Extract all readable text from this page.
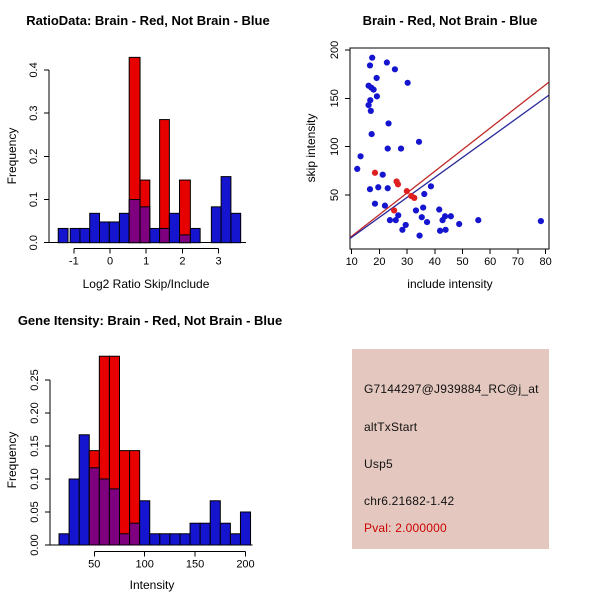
RatioData: Brain - Red, Not Brain - Blue
Log2 Ratio Skip/Include
Frequency
0.0
0.1
0.2
0.3
0.4
-1	0	1	2	3
Brain - Red, Not Brain - Blue
include intensity
skip intensity
10 20 30 40 50 60 70 80
50
100
150
200
Gene Itensity: Brain - Red, Not Brain - Blue
Intensity
Frequency
0.00
0.05
0.10
0.15
0.20
0.25
50	100	150	200
G7144297@J939884_RC@j_at
altTxStart
Usp5
chr6.21682-1.42
Pval: 2.000000
